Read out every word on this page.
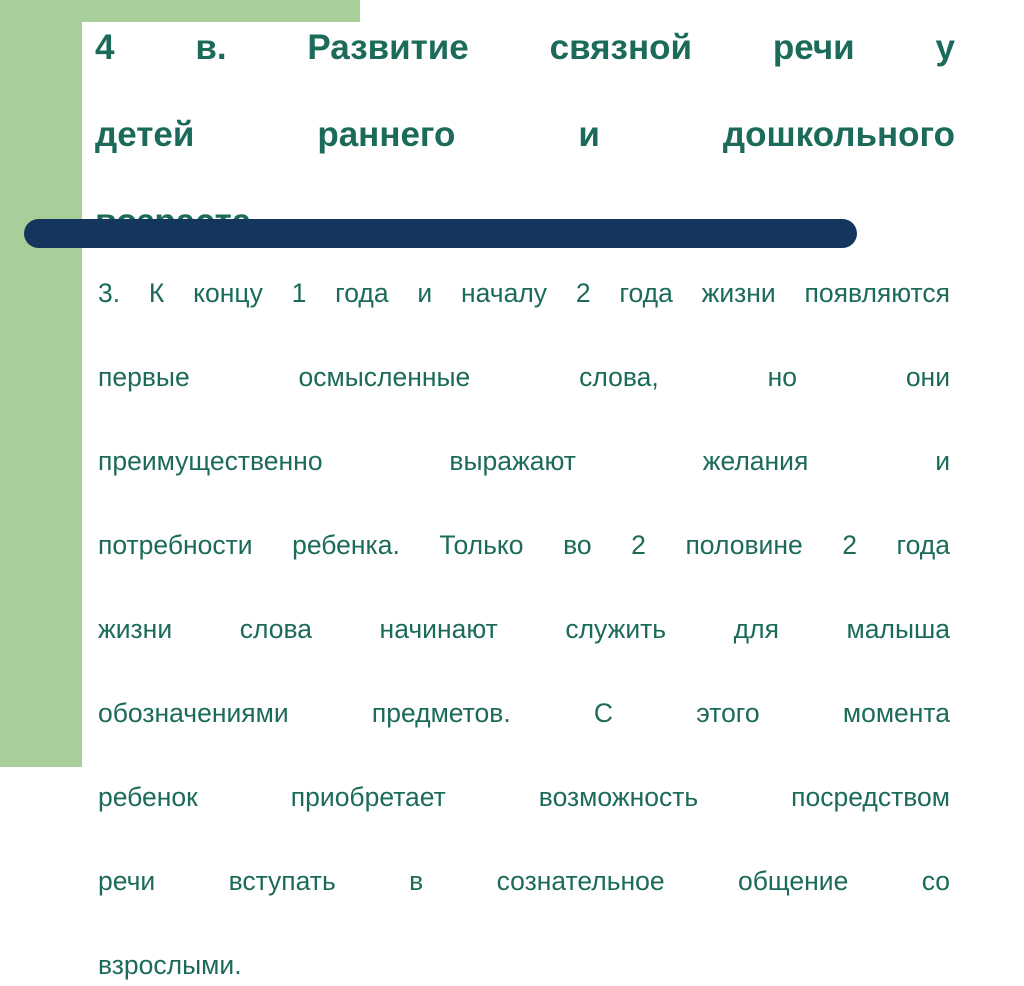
4 в. Развитие связной речи у
детей раннего и дошкольного
3. К концу 1 года и началу 2 года жизни появляются
первые осмысленные слова, но они
преимущественно выражают желания и
потребности ребенка. Только во 2 половине 2 года
жизни слова начинают служить для малыша
обозначениями предметов. С этого момента
ребенок приобретает возможность посредством
речи вступать в сознательное общение со
взрослыми.
